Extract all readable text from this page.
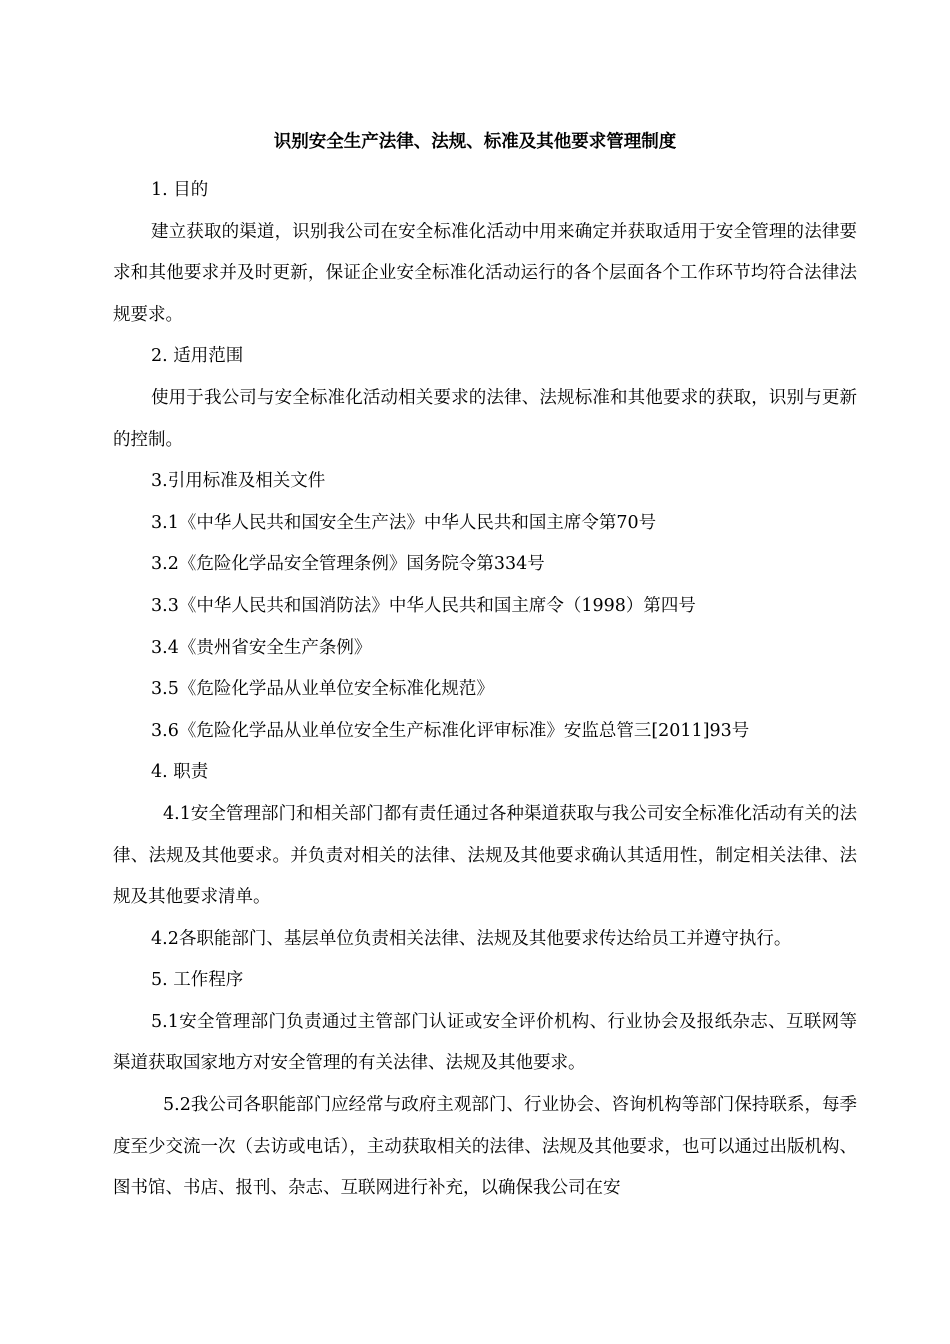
识别安全生产法律、法规、标准及其他要求管理制度

1. 目的

建立获取的渠道，识别我公司在安全标准化活动中用来确定并获取适用于安全管理的法律要求和其他要求并及时更新，保证企业安全标准化活动运行的各个层面各个工作环节均符合法律法规要求。

2. 适用范围

使用于我公司与安全标准化活动相关要求的法律、法规标准和其他要求的获取，识别与更新的控制。

3.引用标准及相关文件

3.1《中华人民共和国安全生产法》中华人民共和国主席令第70号

3.2《危险化学品安全管理条例》国务院令第334号

3.3《中华人民共和国消防法》中华人民共和国主席令（1998）第四号

3.4《贵州省安全生产条例》

3.5《危险化学品从业单位安全标准化规范》

3.6《危险化学品从业单位安全生产标准化评审标准》安监总管三[2011]93号

4. 职责

4.1安全管理部门和相关部门都有责任通过各种渠道获取与我公司安全标准化活动有关的法律、法规及其他要求。并负责对相关的法律、法规及其他要求确认其适用性，制定相关法律、法规及其他要求清单。

4.2各职能部门、基层单位负责相关法律、法规及其他要求传达给员工并遵守执行。

5. 工作程序

5.1安全管理部门负责通过主管部门认证或安全评价机构、行业协会及报纸杂志、互联网等渠道获取国家地方对安全管理的有关法律、法规及其他要求。

5.2我公司各职能部门应经常与政府主观部门、行业协会、咨询机构等部门保持联系，每季度至少交流一次（去访或电话），主动获取相关的法律、法规及其他要求，也可以通过出版机构、图书馆、书店、报刊、杂志、互联网进行补充，以确保我公司在安
